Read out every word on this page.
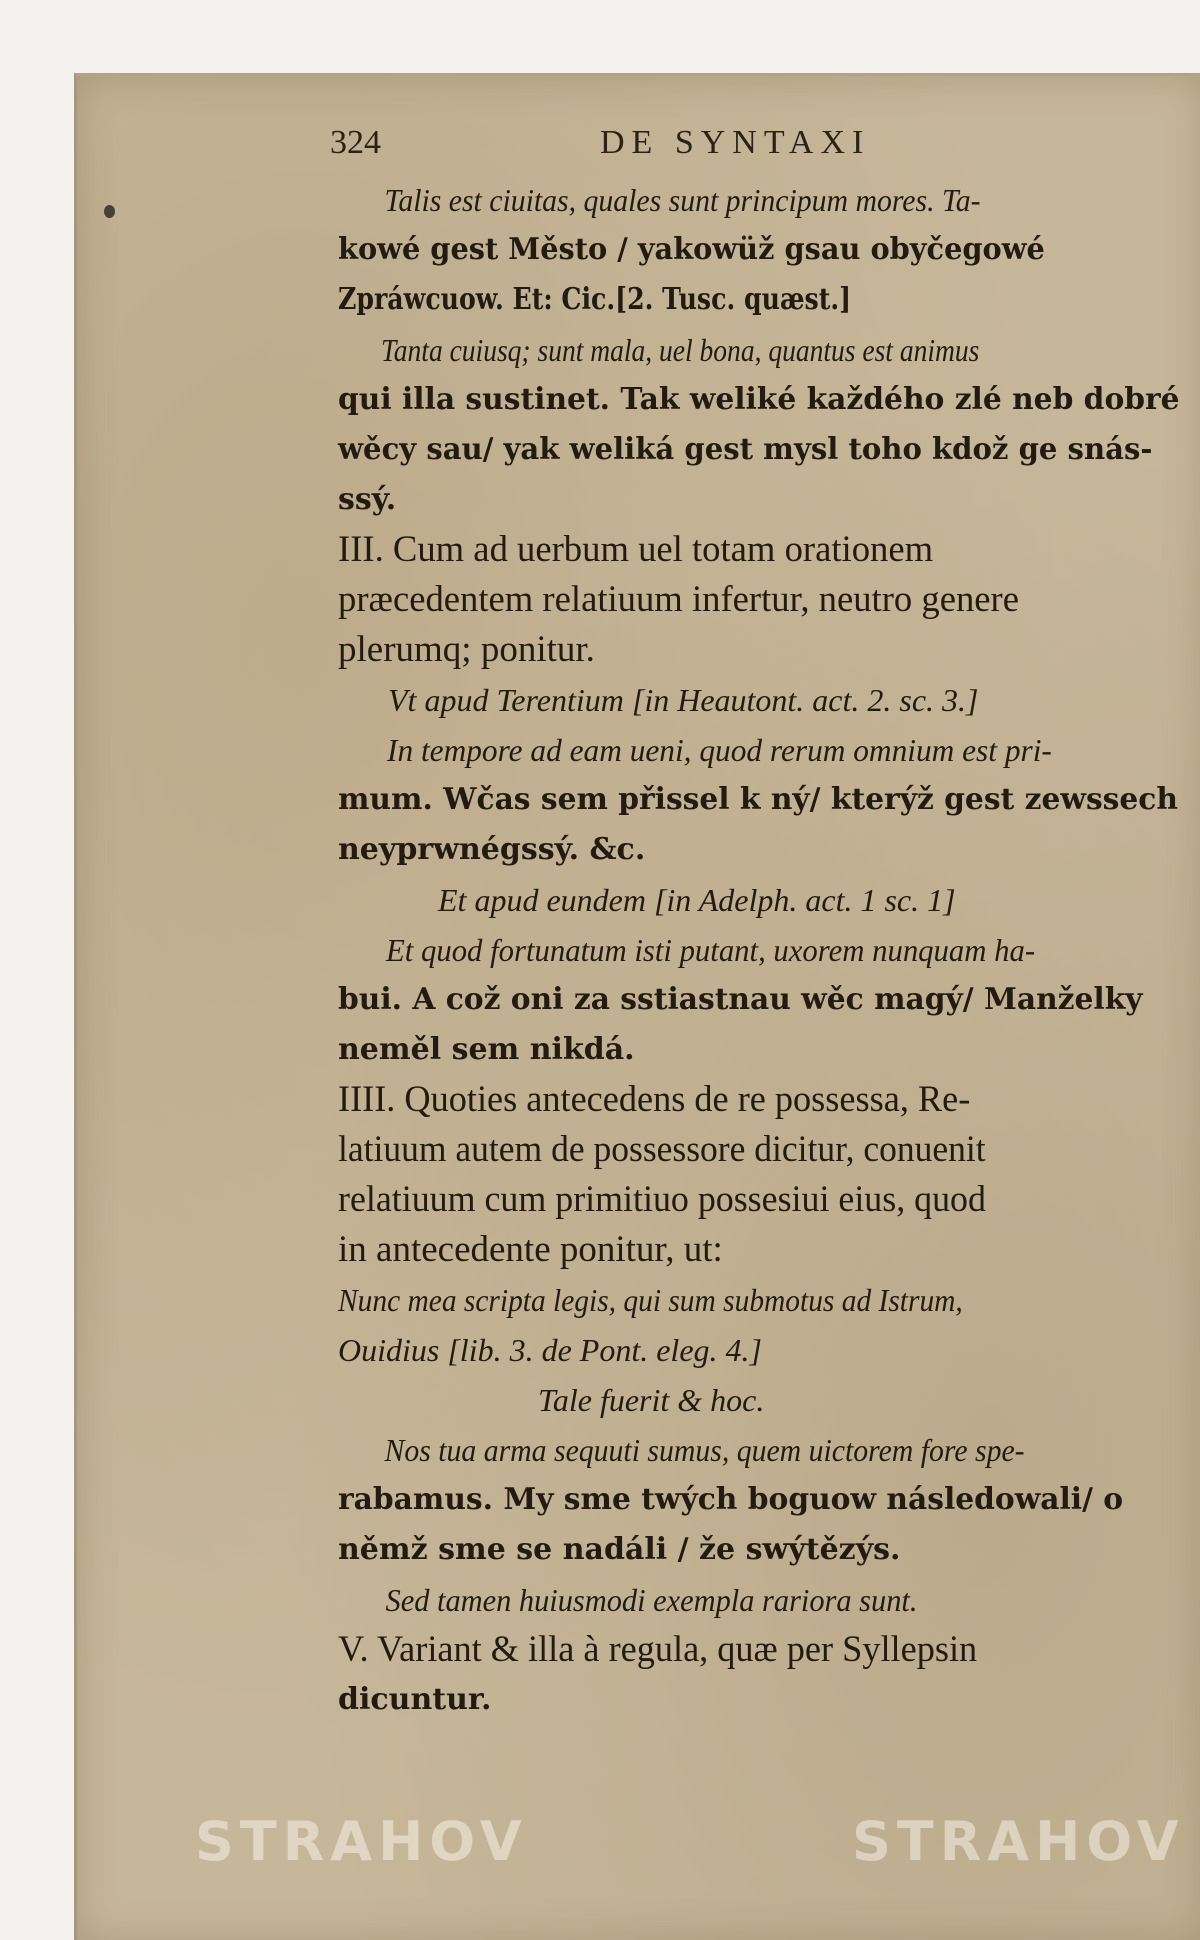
324	DE SYNTAXI
Talis est ciuitas, quales sunt principum mores. Ta-
kowé gest Město / yakowüž gsau obyčegowé
Zpráwcuow. Et: Cic.[2. Tusc. quæst.]
Tanta cuiusq; sunt mala, uel bona, quantus est animus
qui illa sustinet. Tak weliké každého zlé neb dobré
wěcy sau/ yak weliká gest mysl toho kdož ge snás-
ssý.
III. Cum ad uerbum uel totam orationem
præcedentem relatiuum infertur, neutro genere
plerumq; ponitur.
Vt apud Terentium [in Heautont. act. 2. sc. 3.]
In tempore ad eam ueni, quod rerum omnium est pri-
mum. Wčas sem přissel k ný/ kterýž gest zewssech
neyprwnégssý. &c.
Et apud eundem [in Adelph. act. 1 sc. 1]
Et quod fortunatum isti putant, uxorem nunquam ha-
bui. A což oni za sstiastnau wěc magý/ Manželky
neměl sem nikdá.
IIII. Quoties antecedens de re possessa, Re-
latiuum autem de possessore dicitur, conuenit
relatiuum cum primitiuo possesiui eius, quod
in antecedente ponitur, ut:
Nunc mea scripta legis, qui sum submotus ad Istrum,
Ouidius [lib. 3. de Pont. eleg. 4.]
Tale fuerit & hoc.
Nos tua arma sequuti sumus, quem uictorem fore spe-
rabamus. My sme twých boguow následowali/ o
němž sme se nadáli / že swýtězýs.
Sed tamen huiusmodi exempla rariora sunt.
V. Variant & illa à regula, quæ per Syllepsin
dicuntur.
STRAHOV	STRAHOV
